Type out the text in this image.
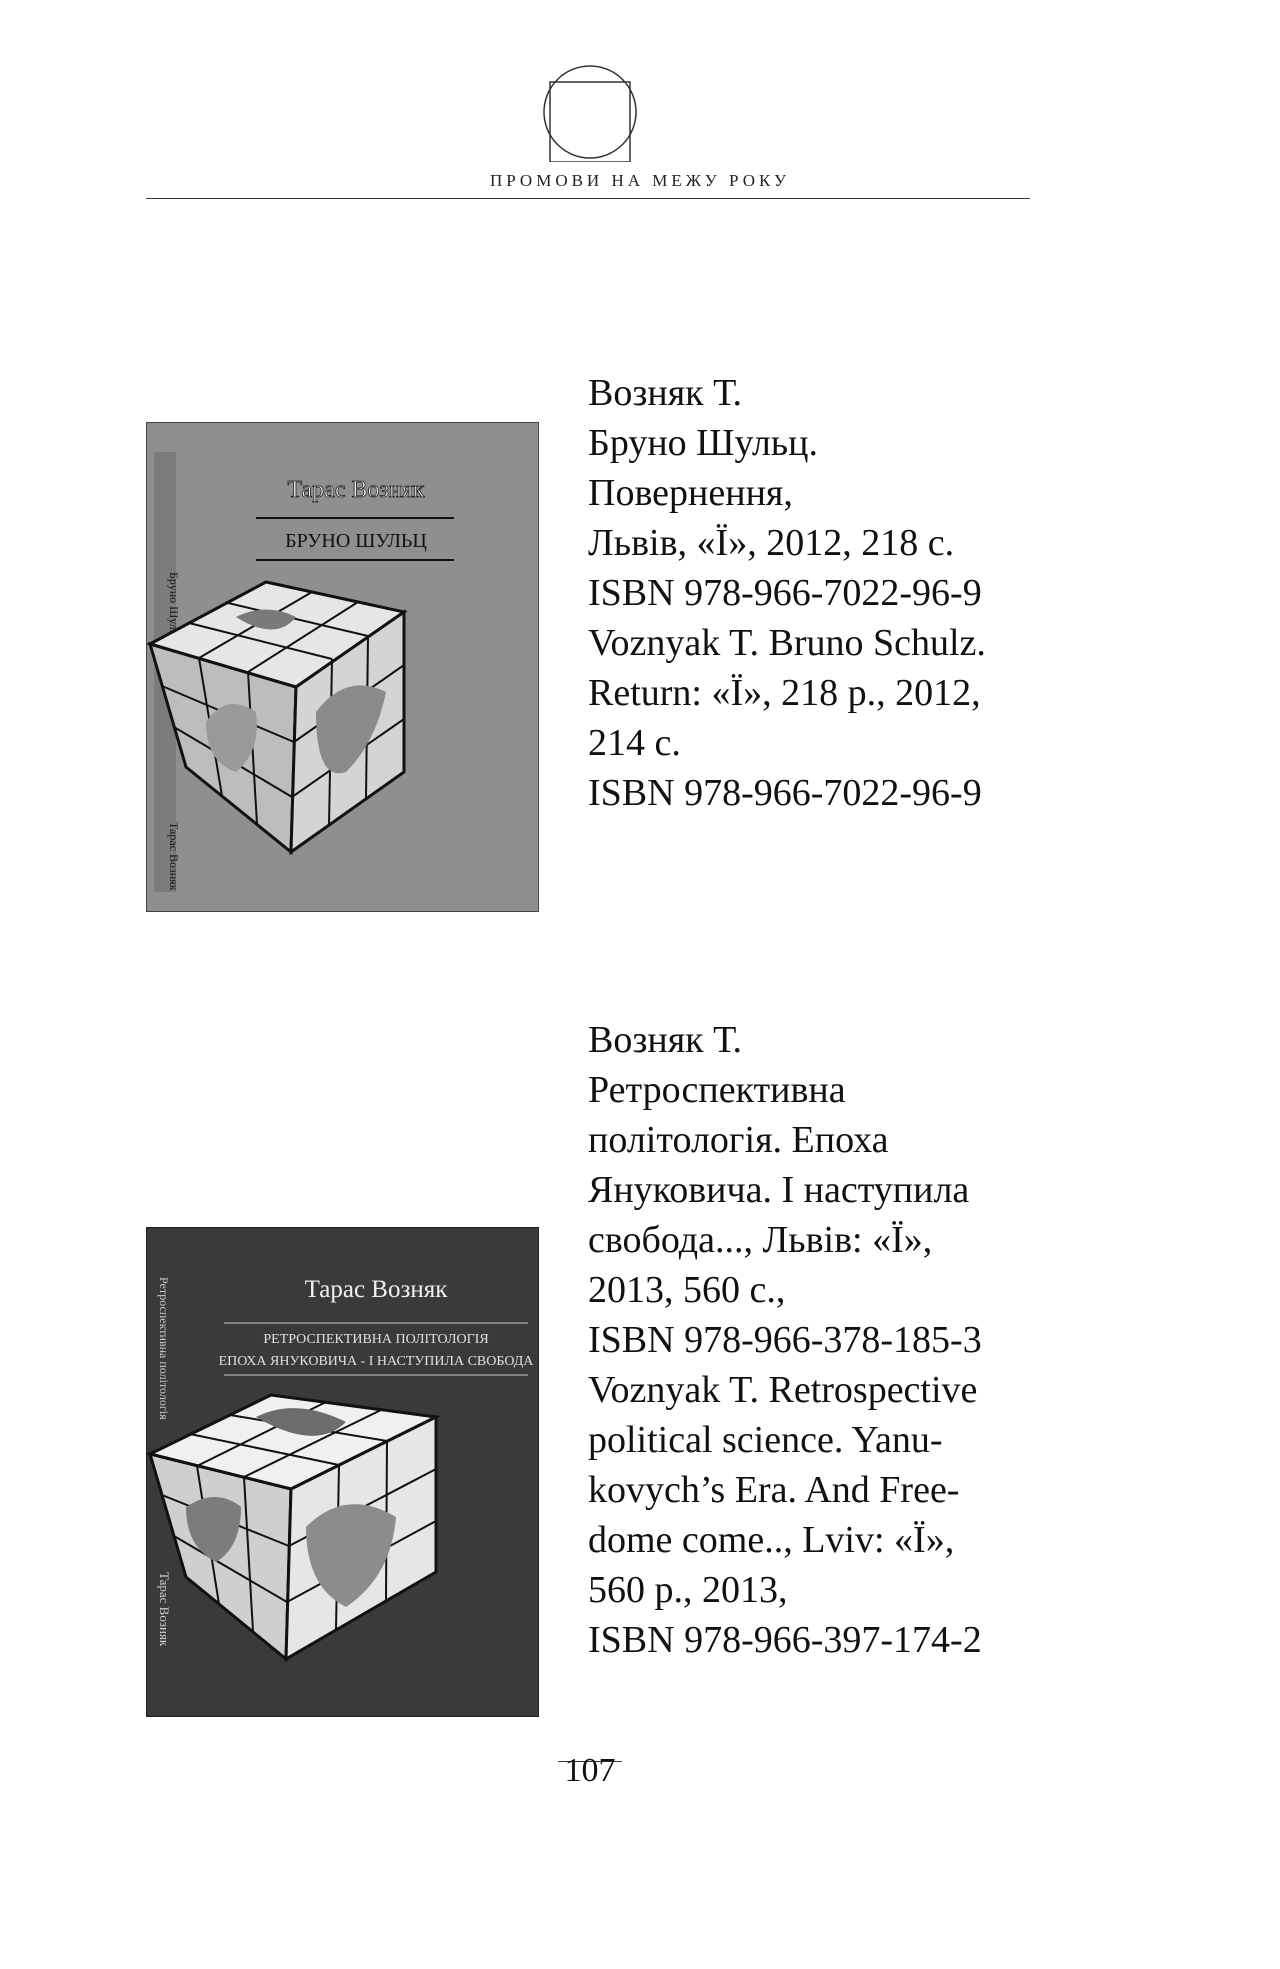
ПРОМОВИ НА МЕЖУ РОКУ
Бруно Шульц
Тарас Возняк
Тарас Возняк
БРУНО ШУЛЬЦ
Возняк Т.
Бруно Шульц.
Повернення,
Львів, «Ї», 2012, 218 с.
ISBN 978-966-7022-96-9
Voznyak T. Bruno Schulz.
Return: «Ї», 218 p., 2012,
214 c.
ISBN 978-966-7022-96-9
Ретроспективна політологія
Тарас Возняк
Тарас Возняк
РЕТРОСПЕКТИВНА ПОЛІТОЛОГІЯ
ЕПОХА ЯНУКОВИЧА - І НАСТУПИЛА СВОБОДА
Возняк Т.
Ретроспективна
політологія. Епоха
Януковича. І наступила
свобода..., Львів: «Ї»,
2013, 560 с.,
ISBN 978-966-378-185-3
Voznyak T. Retrospective
political science. Yanu-
kovych’s Era. And Free-
dome come.., Lviv: «Ї»,
560 p., 2013,
ISBN 978-966-397-174-2
107
